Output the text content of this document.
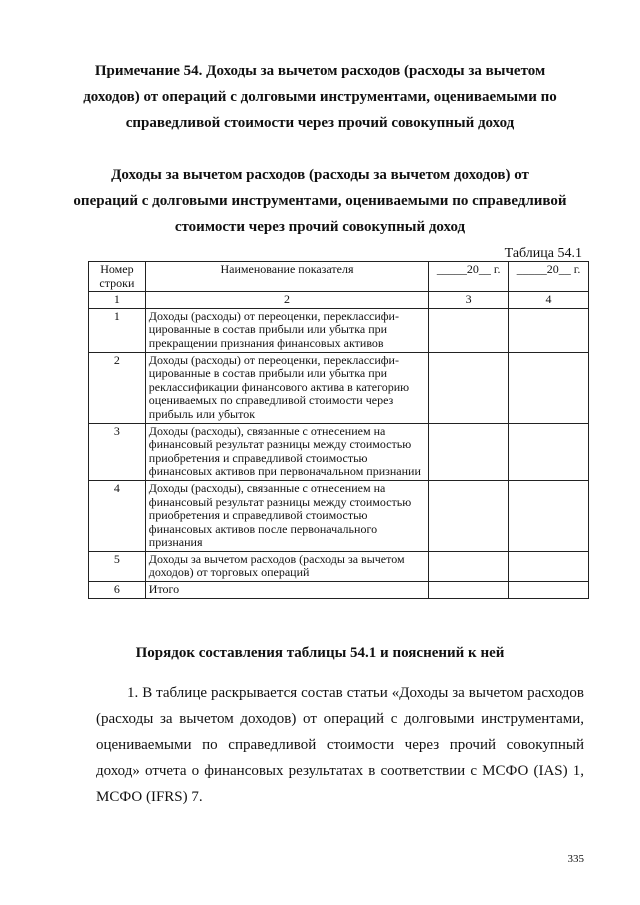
Примечание 54. Доходы за вычетом расходов (расходы за вычетом
доходов) от операций с долговыми инструментами, оцениваемыми по
справедливой стоимости через прочий совокупный доход
Доходы за вычетом расходов (расходы за вычетом доходов) от
операций с долговыми инструментами, оцениваемыми по справедливой
стоимости через прочий совокупный доход
Таблица 54.1
Номер строки	Наименование показателя	_____20__ г.	_____20__ г.
1	2	3	4
1	Доходы (расходы) от переоценки, переклассифи-цированные в состав прибыли или убытка при прекращении признания финансовых активов		
2	Доходы (расходы) от переоценки, переклассифи-цированные в состав прибыли или убытка при реклассификации финансового актива в категорию оцениваемых по справедливой стоимости через прибыль или убыток		
3	Доходы (расходы), связанные с отнесением на финансовый результат разницы между стоимостью приобретения и справедливой стоимостью финансовых активов при первоначальном признании		
4	Доходы (расходы), связанные с отнесением на финансовый результат разницы между стоимостью приобретения и справедливой стоимостью финансовых активов после первоначального признания		
5	Доходы за вычетом расходов (расходы за вычетом доходов) от торговых операций		
6	Итого		
Порядок составления таблицы 54.1 и пояснений к ней
1. В таблице раскрывается состав статьи «Доходы за вычетом расходов (расходы за вычетом доходов) от операций с долговыми инструментами, оцениваемыми по справедливой стоимости через прочий совокупный доход» отчета о финансовых результатах в соответствии с МСФО (IAS) 1, МСФО (IFRS) 7.
335
